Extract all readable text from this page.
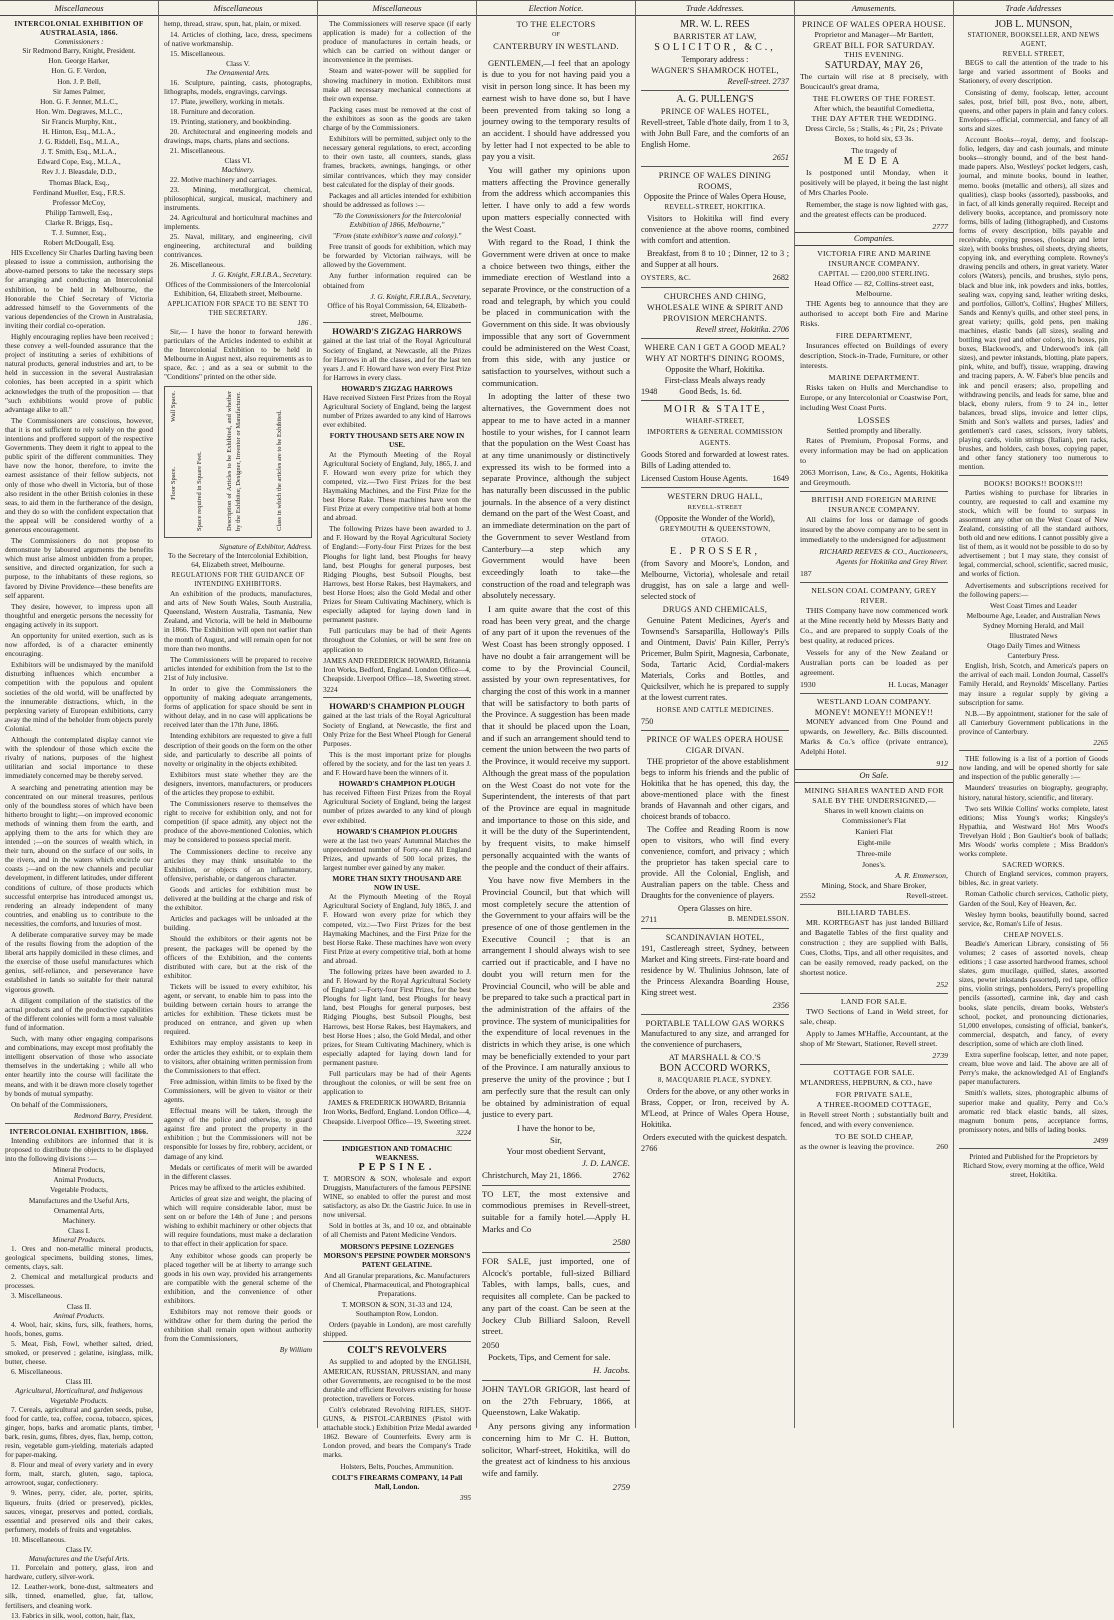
Miscellaneous
INTERCOLONIAL EXHIBITION OF AUSTRALASIA, 1866.
Commissioners :
Sir Redmond Barry, Knight, President.
Hon. George Harker,
Hon. G. F. Verdon,
Hon. J. P. Bell,
Sir James Palmer,
Hon. G. F. Jenner, M.L.C.,
Hon. Wm. Degraves, M.L.C.,
Sir Francis Murphy, Knt.,
H. Hinton, Esq., M.L.A.,
J. G. Riddell, Esq., M.L.A.,
J. T. Smith, Esq., M.L.A.,
Edward Cope, Esq., M.L.A.,
Rev J. J. Bleasdale, D.D.,
Thomas Black, Esq.,
Ferdinand Mueller, Esq., F.R.S.
Professor McCoy,
Philipp Tarnwell, Esq.,
Clarke R. Briggs, Esq.,
T. J. Sumner, Esq.,
Robert McDougall, Esq.

HIS Excellency Sir Charles Darling having been pleased to issue a commission, authorising the above-named persons to take the necessary steps for arranging and conducting an Intercolonial exhibition, to be held in Melbourne, the Honorable the Chief Secretary of Victoria addressed himself to the Governments of the various dependencies of the Crown in Australasia, inviting their cordial co-operation.

Highly encouraging replies have been received ; these convey a well-founded assurance that the project of instituting a series of exhibitions of natural products, general industries and art, to be held in succession in the several Australasian colonies, has been accepted in a spirit which acknowledges the truth of the proposition — that "such exhibitions would prove of public advantage alike to all."

The Commissioners are conscious, however, that it is not sufficient to rely solely on the good intentions and proffered support of the respective Governments. They deem it right to appeal to the public spirit of the different communities. They have now the honor, therefore, to invite the earnest assistance of their fellow subjects, not only of those who dwell in Victoria, but of those also resident in the other British colonies in these seas, to aid them in the furtherance of the design, and they do so with the confident expectation that the appeal will be considered worthy of a generous encouragement.

The Commissioners do not propose to demonstrate by laboured arguments the benefits which must arise almost unbidden from a proper, sensitive, and directed organization, for such a purpose, to the inhabitants of these regions, so favored by Divine Providence—these benefits are self apparent.

They desire, however, to impress upon all thoughtful and energetic persons the necessity for engaging actively in its support.

An opportunity for united exertion, such as is now afforded, is of a character eminently encouraging.

Exhibitors will be undismayed by the manifold disturbing influences which encumber a competition with the populous and opulent societies of the old world, will be unaffected by the innumerable distractions, which, in the perplexing variety of European exhibitions, carry away the mind of the beholder from objects purely Colonial.

Although the contemplated display cannot vie with the splendour of those which excite the rivalry of nations, purposes of the highest utilitarian and social importance to these immediately concerned may be thereby served.

A searching and penetrating attention may be concentrated on our mineral treasures, perilous only of the boundless stores of which have been hitherto brought to light;—on improved economic methods of winning them from the earth, and applying them to the arts for which they are intended ;—on the sources of wealth which, in their turn, abound on the surface of our soils, in the rivers, and in the waters which encircle our coasts ;—and on the new channels and peculiar development, in different latitudes, under different conditions of culture, of those products which successful enterprise has introduced amongst us, rendering an already independent of many countries, and enabling us to contribute to the necessities, the comforts, and luxuries of most.

A deliberate comparative survey may be made of the results flowing from the adoption of the liberal arts happily domiciled in these climes, and the exercise of those useful manufactures which genius, self-reliance, and perseverance have established in lands so suitable for their natural vigorous growth.

A diligent compilation of the statistics of the actual products and of the productive capabilities of the different colonies will form a most valuable fund of information.

Such, with many other engaging comparisons and combinations, may except most profitably the intelligent observation of those who associate themselves in the undertaking ; while all who enter heartily into the course will facilitate the means, and with it be drawn more closely together by bonds of mutual sympathy.

On behalf of the Commissioners,

Redmond Barry, President.
INTERCOLONIAL EXHIBITION, 1866.

Intending exhibitors are informed that it is proposed to distribute the objects to be displayed into the following divisions :—

Mineral Products,
Animal Products,
Vegetable Products,
Manufactures and the Useful Arts,
Ornamental Arts,
Machinery.
Class I.
Mineral Products.
1. Ores and non-metallic mineral products, geological specimens, building stones, limes, cements, clays, salt.
2. Chemical and metallurgical products and processes.
3. Miscellaneous.
Class II.
Animal Products.
4. Wool, hair, skins, furs, silk, feathers, horns, hoofs, bones, gums.
5. Meat, Fish, Fowl, whether salted, dried, smoked, or preserved ; gelatine, isinglass, milk, butter, cheese.
6. Miscellaneous.
Class III.
Agricultural, Horticultural, and Indigenous Vegetable Products.
7. Cereals, agricultural and garden seeds, pulse, food for cattle, tea, coffee, cocoa, tobacco, spices, ginger, hops, barks and aromatic plants, timber, bark, resin, gums, fibres, dyes, flax, hemp, cotton, resin, vegetable gum-yielding, materials adapted for paper-making.
8. Flour and meal of every variety and in every form, malt, starch, gluten, sago, tapioca, arrowroot, sugar, confectionery.
9. Wines, perry, cider, ale, porter, spirits, liqueurs, fruits (dried or preserved), pickles, sauces, vinegar, preserves and potted, cordials, essential and preserved oils and their cakes, perfumery, models of fruits and vegetables.
10. Miscellaneous.
Class IV.
Manufactures and the Useful Arts.
11. Porcelain and pottery, glass, iron and hardware, cutlery, silver-work.
12. Leather-work, bone-dust, saltmeaters and silk, tinned, enamelled, glue, fat, tallow, fertilisers, and cleaning work.
13. Fabrics in silk, wool, cotton, hair, flax,
Miscellaneous

hemp, thread, straw, spun, hat, plain, or mixed.

14. Articles of clothing, lace, dress, specimens of native workmanship.
15. Miscellaneous.
Class V.
The Ornamental Arts.
16. Sculpture, painting, casts, photographs, lithographs, models, engravings, carvings.
17. Plate, jewellery, working in metals.
18. Furniture and decoration.
19. Printing, stationery, and bookbinding.
20. Architectural and engineering models and drawings, maps, charts, plans and sections.
21. Miscellaneous.
Class VI.
Machinery.
22. Motive machinery and carriages.
23. Mining, metallurgical, chemical, philosophical, surgical, musical, machinery and instruments.
24. Agricultural and horticultural machines and implements.
25. Naval, military, and engineering, civil engineering, architectural and building contrivances.
26. Miscellaneous.
J. G. Knight, F.R.I.B.A., Secretary.

Offices of the Commissioners of the Intercolonial Exhibition, 64, Elizabeth street, Melbourne.

APPLICATION FOR SPACE TO BE SENT TO THE SECRETARY.
186 .

Sir,— I have the honor to forward herewith particulars of the Articles indented to exhibit at the Intercolonial Exhibition to be held in Melbourne in August next, also requirements as to space, &c. ; and as a sea or submit to the "Conditions" printed on the other side.

Wall Space.
Floor Space.	Space required in Square Feet.	Description of Articles to be Exhibited, and whether by the Exhibitor, Designer, Inventor or Manufacturer.	Class in which the articles are to be Exhibited.
Signature of Exhibitor, Address.

To the Secretary of the Intercolonial Exhibition, 64, Elizabeth street, Melbourne.

REGULATIONS FOR THE GUIDANCE OF INTENDING EXHIBITORS.

An exhibition of the products, manufactures, and arts of New South Wales, South Australia, Queensland, Western Australia, Tasmania, New Zealand, and Victoria, will be held in Melbourne in 1866. The Exhibition will open not earlier than the month of August, and will remain open for not more than two months.

The Commissioners will be prepared to receive articles intended for exhibition from the 1st to the 21st of July inclusive.

In order to give the Commissioners the opportunity of making adequate arrangements, forms of application for space should be sent in without delay, and in no case will applications be received later than the 17th June, 1866.

Intending exhibitors are requested to give a full description of their goods on the form on the other side, and particularly to describe all points of novelty or originality in the objects exhibited.

Exhibitors must state whether they are the designers, inventors, manufacturers, or producers of the articles they propose to exhibit.

The Commissioners reserve to themselves the right to receive for exhibition only, and not for competition (if space admit), any object not the produce of the above-mentioned Colonies, which may be considered to possess special merit.

The Commissioners decline to receive any articles they may think unsuitable to the Exhibition, or objects of an inflammatory, offensive, perishable, or dangerous character.

Goods and articles for exhibition must be delivered at the building at the charge and risk of the exhibitor.

Articles and packages will be unloaded at the building.

Should the exhibitors or their agents not be present, the packages will be opened by the officers of the Exhibition, and the contents distributed with care, but at the risk of the exhibitor.

Tickets will be issued to every exhibitor, his agent, or servant, to enable him to pass into the building between certain hours to arrange the articles for exhibition. These tickets must be produced on entrance, and given up when required.

Exhibitors may employ assistants to keep in order the articles they exhibit, or to explain them to visitors, after obtaining written permission from the Commissioners to that effect.

Free admission, within limits to be fixed by the Commissioners, will be given to visitor or their agents.

Effectual means will be taken, through the agency of the police and otherwise, to guard against fire and protect the property in the exhibition ; but the Commissioners will not be responsible for losses by fire, robbery, accident, or damage of any kind.

Medals or certificates of merit will be awarded in the different classes.

Prices may be affixed to the articles exhibited.

Articles of great size and weight, the placing of which will require considerable labor, must be sent on or before the 14th of June ; and persons wishing to exhibit machinery or other objects that will require foundations, must make a declaration to that effect in their application for space.

Any exhibitor whose goods can properly be placed together will be at liberty to arrange such goods in his own way, provided his arrangements are compatible with the general scheme of the exhibition, and the convenience of other exhibitors.

Exhibitors may not remove their goods or withdraw other for them during the period the exhibition shall remain open without authority from the Commissioners,

By William
Miscellaneous

The Commissioners will reserve space (if early application is made) for a collection of the produce of manufactures in certain heads, or which can be carried on without danger or inconvenience in the premises.

Steam and water-power will be supplied for showing machinery in motion. Exhibitors must make all necessary mechanical connections at their own expense.

Packing cases must be removed at the cost of the exhibitors as soon as the goods are taken charge of by the Commissioners.

Exhibitors will be permitted, subject only to the necessary general regulations, to erect, according to their own taste, all counters, stands, glass frames, brackets, awnings, hangings, or other similar contrivances, which they may consider best calculated for the display of their goods.

Packages and all articles intended for exhibition should be addressed as follows :—

"To the Commissioners for the Intercolonial Exhibition of 1866, Melbourne,"

"From (state exhibitor's name and colony)."

Free transit of goods for exhibition, which may be forwarded by Victorian railways, will be allowed by the Government.

Any further information required can be obtained from

J. G. Knight, F.R.I.B.A., Secretary,

Office of his Royal Commission, 64, Elizabeth-street, Melbourne.

HOWARD'S ZIGZAG HARROWS

gained at the last trial of the Royal Agricultural Society of England, at Newcastle, all the Prizes for Harrows in all the classes, and for the last ten years J. and F. Howard have won every First Prize for Harrows in every class.

HOWARD'S ZIGZAG HARROWS

Have received Sixteen First Prizes from the Royal Agricultural Society of England, being the largest number of Prizes awarded to any kind of Harrows ever exhibited.

FORTY THOUSAND SETS ARE NOW IN USE.

At the Plymouth Meeting of the Royal Agricultural Society of England, July, 1865, J. and F. Howard won every prize for which they competed, viz.—Two First Prizes for the best Haymaking Machines, and the First Prize for the best Horse Rake. These machines have won the First Prize at every competitive trial both at home and abroad.

The following Prizes have been awarded to J. and F. Howard by the Royal Agricultural Society of England:—Forty-four First Prizes for the best Ploughs for light land, best Ploughs for heavy land, best Ploughs for general purposes, best Ridging Ploughs, best Subsoil Ploughs, best Harrows, best Horse Rakes, best Haymakers, and best Horse Hoes; also the Gold Medal and other Prizes for Steam Cultivating Machinery, which is especially adapted for laying down land in permanent pasture.

Full particulars may be had of their Agents throughout the Colonies, or will be sent free on application to

JAMES AND FREDERICK HOWARD, Britannia Iron Works, Bedford, England. London Office—4, Cheapside. Liverpool Office—18, Sweeting street.

3224
HOWARD'S CHAMPION PLOUGH

gained at the last trials of the Royal Agricultural Society of England, at Newcastle, the first and Only Prize for the Best Wheel Plough for General Purposes.

This is the most important prize for ploughs offered by the society, and for the last ten years J. and F. Howard have been the winners of it.

HOWARD'S CHAMPION PLOUGH

has received Fifteen First Prizes from the Royal Agricultural Society of England, being the largest number of prizes awarded to any kind of plough ever exhibited.

HOWARD'S CHAMPION PLOUGHS

were at the last two years' Autumnal Matches the unprecedented number of Forty-one All England Prizes, and upwards of 500 local prizes, the largest number ever gained by any maker.

MORE THAN SIXTY THOUSAND ARE NOW IN USE.

At the Plymouth Meeting of the Royal Agricultural Society of England, July 1865, J. and F. Howard won every prize for which they competed, viz.:—Two First Prizes for the best Haymaking Machines, and the First Prize for the best Horse Rake. These machines have won every First Prize at every competitive trial, both at home and abroad.

The following prizes have been awarded to J. and F. Howard by the Royal Agricultural Society of England :—Forty-four First Prizes, for the best Ploughs for light land, best Ploughs for heavy land, best Ploughs for general purposes, best Ridging Ploughs, best Subsoil Ploughs, best Harrows, best Horse Rakes, best Haymakers, and best Horse Hoes ; also, the Gold Medal, and other prizes, for Steam Cultivating Machinery, which is especially adapted for laying down land for permanent pasture.

Full particulars may be had of their Agents throughout the colonies, or will be sent free on application to

JAMES & FREDERICK HOWARD, Britannia Iron Works, Bedford, England. London Office—4, Cheapside. Liverpool Office—19, Sweeting street.

3224
INDIGESTION AND TOMACHIC WEAKNESS.
PEPSINE.

T. MORSON & SON, wholesale and export Druggists, Manufacturers of the famous PEPSINE WINE, so enabled to offer the purest and most satisfactory, as also Dr. the Gastric Juice. In use in now universal.

Sold in bottles at 3s, and 10 oz, and obtainable of all Chemists and Patent Medicine Vendors.

MORSON'S PEPSINE LOZENGES MORSON'S PEPSINE POWDER MORSON'S PATENT GELATINE.

And all Granular preparations, &c. Manufacturers of Chemical, Pharmaceutical, and Photographical Preparations.

T. MORSON & SON, 31-33 and 124, Southampton Row, London.

Orders (payable in London), are most carefully shipped.

COLT'S REVOLVERS

As supplied to and adopted by the ENGLISH, AMERICAN, RUSSIAN, PRUSSIAN, and many other Governments, are recognised to be the most durable and efficient Revolvers existing for house protection, travellers or Forces.

Colt's celebrated Revolving RIFLES, SHOT-GUNS, & PISTOL-CARBINES (Pistol with attachable stock.) Exhibition Prize Medal awarded 1862. Beware of Counterfeits. Every arm is London proved, and bears the Company's Trade marks.

Holsters, Belts, Pouches, Ammunition.

COLT'S FIREARMS COMPANY, 14 Pall Mall, London.

395
Election Notice.
TO THE ELECTORS
OF
CANTERBURY IN WESTLAND.

GENTLEMEN,—I feel that an apology is due to you for not having paid you a visit in person long since. It has been my earnest wish to have done so, but I have been prevented from taking so long a journey owing to the temporary results of an accident. I should have addressed you by letter had I not expected to be able to pay you a visit.

You will gather my opinions upon matters affecting the Province generally from the address which accompanies this letter. I have only to add a few words upon matters especially connected with the West Coast.

With regard to the Road, I think the Government were driven at once to make a choice between two things, either the immediate erection of Westland into a separate Province, or the construction of a road and telegraph, by which you could be placed in communication with the Government on this side. It was obviously impossible that any sort of Government could be administered on the West Coast, from this side, with any justice or satisfaction to yourselves, without such a communication.

In adopting the latter of these two alternatives, the Government does not appear to me to have acted in a manner hostile to your wishes, for I cannot learn that the population on the West Coast has at any time unanimously or distinctively expressed its wish to be formed into a separate Province, although the subject has naturally been discussed in the public journals. In the absence of a very distinct demand on the part of the West Coast, and an immediate determination on the part of the Government to sever Westland from Canterbury—a step which any Government would have been exceedingly loath to take—the construction of the road and telegraph was absolutely necessary.

I am quite aware that the cost of this road has been very great, and the charge of any part of it upon the revenues of the West Coast has been strongly opposed. I have no doubt a fair arrangement will be come to by the Provincial Council, assisted by your own representatives, for charging the cost of this work in a manner that will be satisfactory to both parts of the Province. A suggestion has been made that it should be placed upon the Loan, and if such an arrangement should tend to cement the union between the two parts of the Province, it would receive my support. Although the great mass of the population on the West Coast do not vote for the Superintendent, the interests of that part of the Province are equal in magnitude and importance to those on this side, and it will be the duty of the Superintendent, by frequent visits, to make himself personally acquainted with the wants of the people and the conduct of their affairs.

You have now five Members in the Provincial Council, but that which will most completely secure the attention of the Government to your affairs will be the presence of one of those gentlemen in the Executive Council ; that is an arrangement I should always wish to see carried out if practicable, and I have no doubt you will return men for the Provincial Council, who will be able and be prepared to take such a practical part in the administration of the affairs of the province. The system of municipalities for the expenditure of local revenues in the districts in which they arise, is one which may be beneficially extended to your part of the Province. I am naturally anxious to preserve the unity of the province ; but I am perfectly sure that the result can only be obtained by administration of equal justice to every part.

I have the honor to be,
Sir,
Your most obedient Servant,
J. D. LANCE.
Christchurch, May 21, 1866.	2762

TO LET, the most extensive and commodious premises in Revell-street, suitable for a family hotel.—Apply H. Marks and Co

2580

FOR SALE, just imported, one of Alcock's portable, full-sized Billiard Tables, with lamps, balls, cues, and requisites all complete. Can be packed to any part of the coast. Can be seen at the Jockey Club Billiard Saloon, Revell street.

2050

Pockets, Tips, and Cement for sale.

H. Jacobs.

JOHN TAYLOR GRIGOR, last heard of on the 27th February, 1866, at Queenstown, Lake Wakatip.

Any persons giving any information concerning him to Mr C. H. Button, solicitor, Wharf-street, Hokitika, will do the greatest act of kindness to his anxious wife and family.

2759
Trade Addresses.
MR. W. L. REES
BARRISTER AT LAW,
SOLICITOR, &C.,
Temporary address :
WAGNER'S SHAMROCK HOTEL,
Revell-street. 2737
A. G. PULLENG'S
PRINCE OF WALES HOTEL,

Revell-street, Table d'hote daily, from 1 to 3, with John Bull Fare, and the comforts of an English Home.

2651
PRINCE OF WALES DINING ROOMS,
Opposite the Prince of Wales Opera House,
REVELL-STREET, HOKITIKA.

Visitors to Hokitika will find every convenience at the above rooms, combined with comfort and attention.

Breakfast, from 8 to 10 ; Dinner, 12 to 3 ; and Supper at all hours.

OYSTERS, &C.	2682
CHURCHES AND CHING,
WHOLESALE WINE & SPIRIT AND PROVISION MERCHANTS.
Revell street, Hokitika. 2706
WHERE CAN I GET A GOOD MEAL?
WHY AT NORTH'S DINING ROOMS,
Opposite the Wharf, Hokitika.
First-class Meals always ready
1948	Good Beds, 1s. 6d.
MOIR & STAITE,
WHARF-STREET,
IMPORTERS & GENERAL COMMISSION AGENTS.

Goods Stored and forwarded at lowest rates. Bills of Lading attended to.

Licensed Custom House Agents.	1649
WESTERN DRUG HALL,
REVELL-STREET
(Opposite the Wonder of the World),
GREYMOUTH & QUEENSTOWN,
OTAGO.
E. PROSSER,

(from Savory and Moore's, London, and Melbourne, Victoria), wholesale and retail druggist, has on sale a large and well-selected stock of

DRUGS AND CHEMICALS,

Genuine Patent Medicines, Ayer's and Townsend's Sarsaparilla, Holloway's Pills and Ointment, Davis' Pain Killer, Perry's Pricemer, Bulm Spirit, Magnesia, Carbonate, Soda, Tartaric Acid, Cordial-makers Materials, Corks and Bottles, and Quicksilver, which he is prepared to supply at the lowest current rates.

HORSE AND CATTLE MEDICINES.
750
PRINCE OF WALES OPERA HOUSE CIGAR DIVAN.

THE proprietor of the above establishment begs to inform his friends and the public of Hokitika that he has opened, this day, the above-mentioned place with the finest brands of Havannah and other cigars, and choicest brands of tobacco.

The Coffee and Reading Room is now open to visitors, who will find every convenience, comfort, and privacy ; which the proprietor has taken special care to provide. All the Colonial, English, and Australian papers on the table. Chess and Draughts for the convenience of players.

Opera Glasses on hire.
2711	B. MENDELSSON.
SCANDINAVIAN HOTEL,

191, Castlereagh street, Sydney, between Market and King streets. First-rate board and residence by W. Thulinius Johnson, late of the Princess Alexandra Boarding House, King street west.

2356
PORTABLE TALLOW GAS WORKS

Manufactured to any size, and arranged for the convenience of purchasers,

AT MARSHALL & CO.'S
BON ACCORD WORKS,
8, MACQUARIE PLACE, SYDNEY.

Orders for the above, or any other works in Brass, Copper, or Iron, received by A. M'Leod, at Prince of Wales Opera House, Hokitika.

Orders executed with the quickest despatch.
2766
Amusements.
PRINCE OF WALES OPERA HOUSE.
Proprietor and Manager—Mr Bartlett,
GREAT BILL FOR SATURDAY.
THIS EVENING.
SATURDAY, MAY 26,

The curtain will rise at 8 precisely, with Boucicault's great drama,

THE FLOWERS OF THE FOREST.
After which, the beautiful Comedietta,
THE DAY AFTER THE WEDDING.

Dress Circle, 5s ; Stalls, 4s ; Pit, 2s ; Private Boxes, to hold six, £3 3s.

The tragedy of
MEDEA

Is postponed until Monday, when it positively will be played, it being the last night of Mrs Charles Poole.

Remember, the stage is now lighted with gas, and the greatest effects can be produced.

2777
Companies.
VICTORIA FIRE AND MARINE INSURANCE COMPANY.
CAPITAL — £200,000 STERLING.
Head Office — 82, Collins-street east, Melbourne.

THE Agents beg to announce that they are authorised to accept both Fire and Marine Risks.

FIRE DEPARTMENT,

Insurances effected on Buildings of every description, Stock-in-Trade, Furniture, or other interests.

MARINE DEPARTMENT.

Risks taken on Hulls and Merchandise to Europe, or any Intercolonial or Coastwise Port, including West Coast Ports.

LOSSES
Settled promptly and liberally.

Rates of Premium, Proposal Forms, and every information may be had on application to

2063 Morrison, Law, & Co., Agents, Hokitika and Greymouth.
BRITISH AND FOREIGN MARINE INSURANCE COMPANY.

All claims for loss or damage of goods insured by the above company are to be sent in immediately to the undersigned for adjustment

RICHARD REEVES & CO., Auctioneers, Agents for Hokitika and Grey River.

187
NELSON COAL COMPANY, GREY RIVER.

THIS Company have now commenced work at the Mine recently held by Messrs Batty and Co., and are prepared to supply Coals of the best quality, at reduced prices.

Vessels for any of the New Zealand or Australian ports can be loaded as per agreement.

1930	H. Lucas, Manager
WESTLAND LOAN COMPANY.
MONEY! MONEY!! MONEY!!

MONEY advanced from One Pound and upwards, on Jewellery, &c. Bills discounted. Marks & Co.'s office (private entrance), Adelphi Hotel.

912
On Sale.
MINING SHARES WANTED AND FOR SALE BY THE UNDERSIGNED,—
Shares in well known claims on
Commissioner's Flat
Kanieri Flat
Eight-mile
Three-mile
Jones's.
A. R. Emmerson,
Mining, Stock, and Share Broker,
2552	Revell-street.
BILLIARD TABLES.

MR. KORTEGAST has just landed Billiard and Bagatelle Tables of the first quality and construction ; they are supplied with Balls, Cues, Cloths, Tips, and all other requisites, and can be easily removed, ready packed, on the shortest notice.

252
LAND FOR SALE.

TWO Sections of Land in Weld street, for sale, cheap.

Apply to James M'Haffie, Accountant, at the shop of Mr Stewart, Stationer, Revell street.

2739
COTTAGE FOR SALE.

M'LANDRESS, HEPBURN, & CO., have

FOR PRIVATE SALE,
A THREE-ROOMED COTTAGE,

in Revell street North ; substantially built and fenced, and with every convenience.

TO BE SOLD CHEAP,
as the owner is leaving the province.	260
Trade Addresses
JOB L. MUNSON,
STATIONER, BOOKSELLER, AND NEWS AGENT,
REVELL STREET,

BEGS to call the attention of the trade to his large and varied assortment of Books and Stationery, of every description.

Consisting of demy, foolscap, letter, account sales, post, brief bill, post 8vo., note, albert, queens, and other papers in plain and fancy colors. Envelopes—official, commercial, and fancy of all sorts and sizes.

Account Books—royal, demy, and foolscap-folio, ledgers, day and cash journals, and minute books—strongly bound, and of the best hand-made papers. Also, Westleys' pocket ledgers, cash, journal, and minute books, bound in leather, memo. books (metallic and others), all sizes and qualities), clasp books (assorted), passbooks, and in fact, of all kinds generally required. Receipt and delivery books, acceptance, and promissory note forms, bills of lading (lithographed), and Customs forms of every description, bills payable and receivable, copying presses, (foolscap and letter size), with books brushes, oil sheets, drying sheets, copying ink, and everything complete. Rowney's drawing pencils and others, in great variety. Water colors (Waters), pencils, and brushes, stylo pens, black and blue ink, ink powders and inks, bottles, sealing wax, copying sand, leather writing desks, and portfolios, Gillott's, Collins', Hughes' Millers, Sands and Kenny's quills, and other steel pens, in great variety; quills, gold pens, pen making machines, elastic bands (all sizes), sealing and bottling wax (red and other colors), tin boxes, pin boxes, Blackwood's, and Underwood's ink (all sizes), and pewter inkstands, blotting, plate papers, pink, white, and buff), tissue, wrapping, drawing and tracing papers, A. W. Faber's blue pencils and ink and pencil erasers; also, propelling and withdrawing pencils, and leads for same, blue and black, ebony rulers, from 9 to 24 in., letter balances, bread slips, invoice and letter clips, Smith and Son's wallets and purses, ladies' and gentlemen's card cases, scissors, ivory tablets, playing cards, violin strings (Italian), pen racks, brushes, and holders, cash boxes, copying paper, and other fancy stationery too numerous to mention.

BOOKS! BOOKS!! BOOKS!!!

Parties wishing to purchase for libraries in country, are requested to call and examine my stock, which will be found to surpass in assortment any other on the West Coast of New Zealand, consisting of all the standard authors, both old and new editions. I cannot possibly give a list of them, as it would not be possible to do so by advertisement ; but I may state, they consist of legal, commercial, school, scientific, sacred music, and works of fiction.

Advertisements and subscriptions received for the following papers:—

West Coast Times and Leader
Melbourne Age, Leader, and Australian News
Sydney Morning Herald, and Mail
Illustrated News
Otago Daily Times and Witness
Canterbury Press.

English, Irish, Scotch, and America's papers on the arrival of each mail. London Journal, Cassell's Family Herald, and Reynolds' Miscellany. Parties may insure a regular supply by giving a subscription for same.

N.B.—By appointment, stationer for the sale of all Canterbury Government publications in the province of Canterbury.

2265

THE following is a list of a portion of Goods now landing, and will be opened shortly for sale and inspection of the public generally :—

Maunders' treasuries on biography, geography, history, natural history, scientific, and literary.

Two sets Wilkie Collins' works complete, latest editions; Miss Young's works; Kingsley's Hypathia, and Westward Ho! Mrs Wood's Trevelyan Hold ; Bon Gaultier's book of ballads; Mrs Woods' works complete ; Miss Braddon's works complete.

SACRED WORKS.

Church of England services, common prayers, bibles, &c. in great variety.

Roman Catholic church services, Catholic piety, Garden of the Soul, Key of Heaven, &c.

Wesley hymn books, beautifully bound, sacred service, &c, Roman's Life of Jesus.

CHEAP NOVELS.

Beadle's American Library, consisting of 56 volumes; 2 cases of assorted novels, cheap editions ; 1 case assorted hardwood frames, school slates, gum mucilage, quilled, slates, assorted sizes, pewter inkstands (assorted), red tape, office pins, violin strings, penholders, Perry's propelling pencils (assorted), carmine ink, day and cash books, slate pencils, dream books, Webster's school, pocket, and pronouncing dictionaries, 51,000 envelopes, consisting of official, banker's, commercial, despatch, and fancy, of every description, some of which are cloth lined.

Extra superfine foolscap, letter, and note paper, cream, blue wove and laid. The above are all of Perry's make, the acknowledged A1 of England's paper manufacturers.

Smith's wallets, sizes, photographic albums of superior make and quality, Perry and Co.'s aromatic red black elastic bands, all sizes, magnum bonum pens, acceptance forms, promissory notes, and bills of lading books.

2499

Printed and Published for the Proprietors by Richard Stow, every morning at the office, Weld street, Hokitika.
